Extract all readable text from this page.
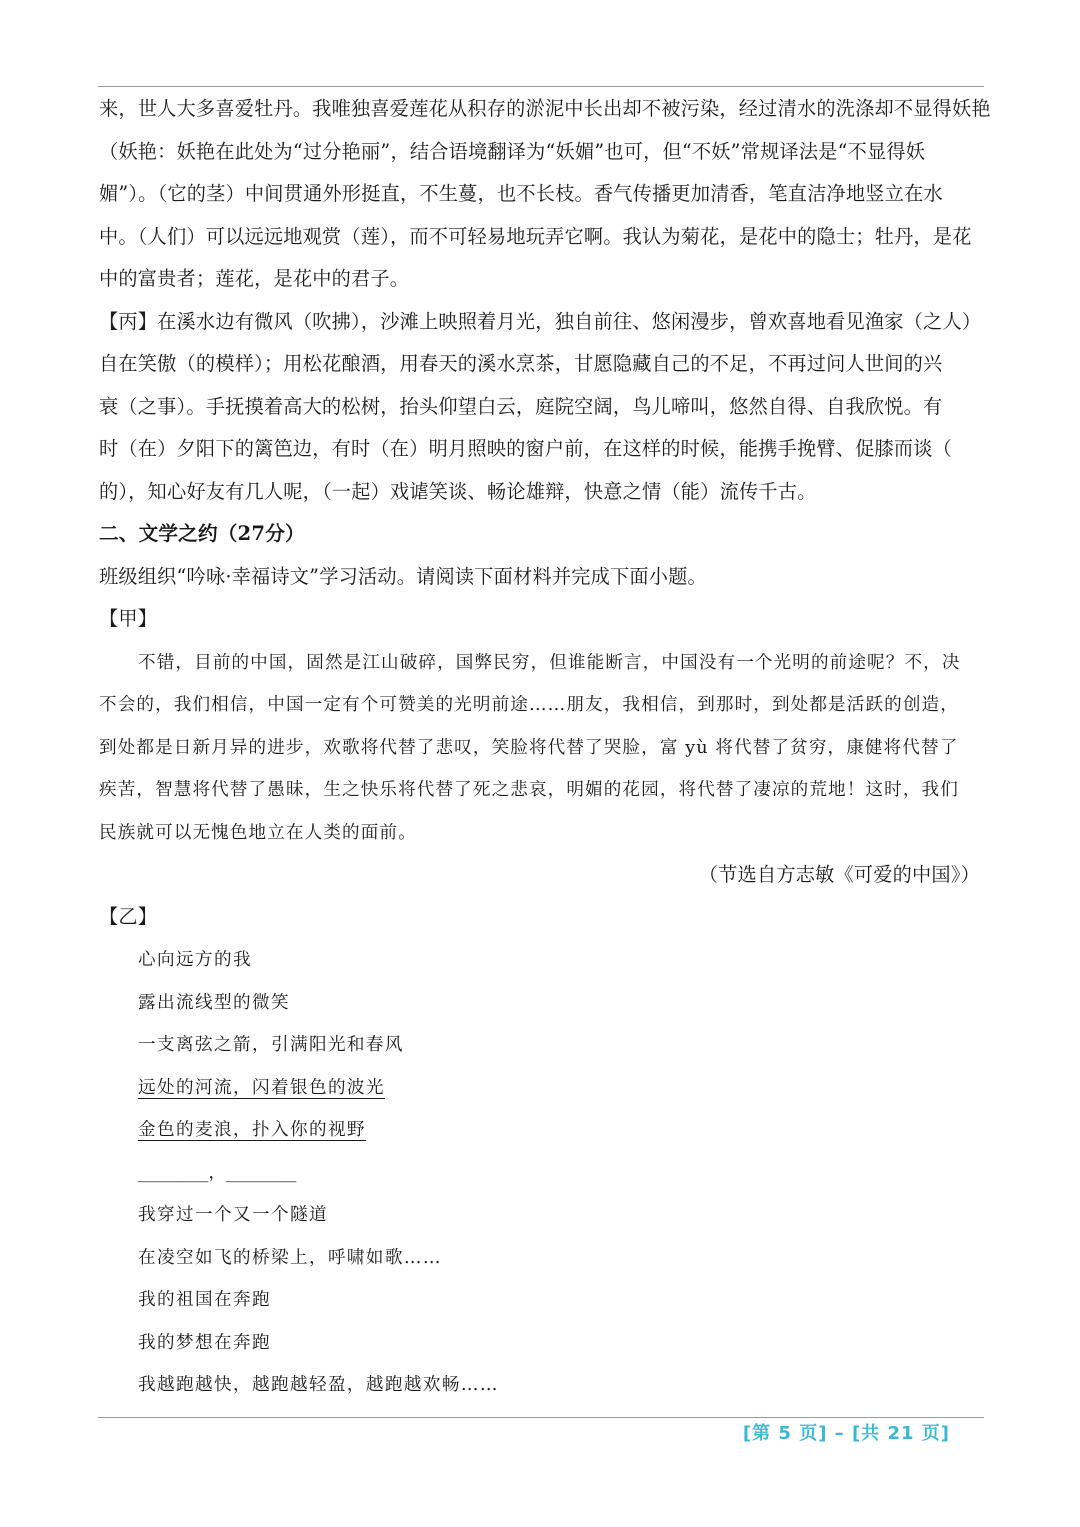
来，世人大多喜爱牡丹。我唯独喜爱莲花从积存的淤泥中长出却不被污染，经过清水的洗涤却不显得妖艳
（妖艳：妖艳在此处为“过分艳丽”，结合语境翻译为“妖媚”也可，但“不妖”常规译法是“不显得妖
媚”）。（它的茎）中间贯通外形挺直，不生蔓，也不长枝。香气传播更加清香，笔直洁净地竖立在水
中。（人们）可以远远地观赏（莲），而不可轻易地玩弄它啊。我认为菊花，是花中的隐士；牡丹，是花
中的富贵者；莲花，是花中的君子。
【丙】在溪水边有微风（吹拂），沙滩上映照着月光，独自前往、悠闲漫步，曾欢喜地看见渔家（之人）
自在笑傲（的模样）；用松花酿酒，用春天的溪水烹茶，甘愿隐藏自己的不足，不再过问人世间的兴
衰（之事）。手抚摸着高大的松树，抬头仰望白云，庭院空阔，鸟儿啼叫，悠然自得、自我欣悦。有
时（在）夕阳下的篱笆边，有时（在）明月照映的窗户前，在这样的时候，能携手挽臂、促膝而谈（
的），知心好友有几人呢，（一起）戏谑笑谈、畅论雄辩，快意之情（能）流传千古。
二、文学之约（27分）
班级组织“吟咏·幸福诗文”学习活动。请阅读下面材料并完成下面小题。
【甲】
不错，目前的中国，固然是江山破碎，国弊民穷，但谁能断言，中国没有一个光明的前途呢？不，决
不会的，我们相信，中国一定有个可赞美的光明前途……朋友，我相信，到那时，到处都是活跃的创造，
到处都是日新月异的进步，欢歌将代替了悲叹，笑脸将代替了哭脸，富 yù 将代替了贫穷，康健将代替了
疾苦，智慧将代替了愚昧，生之快乐将代替了死之悲哀，明媚的花园，将代替了凄凉的荒地！这时，我们
民族就可以无愧色地立在人类的面前。
（节选自方志敏《可爱的中国》）
【乙】
心向远方的我
露出流线型的微笑
一支离弦之箭，引满阳光和春风
远处的河流，闪着银色的波光
金色的麦浪，扑入你的视野
________，________
我穿过一个又一个隧道
在凌空如飞的桥梁上，呼啸如歌……
我的祖国在奔跑
我的梦想在奔跑
我越跑越快，越跑越轻盈，越跑越欢畅……
[第 5 页] – [共 21 页]
